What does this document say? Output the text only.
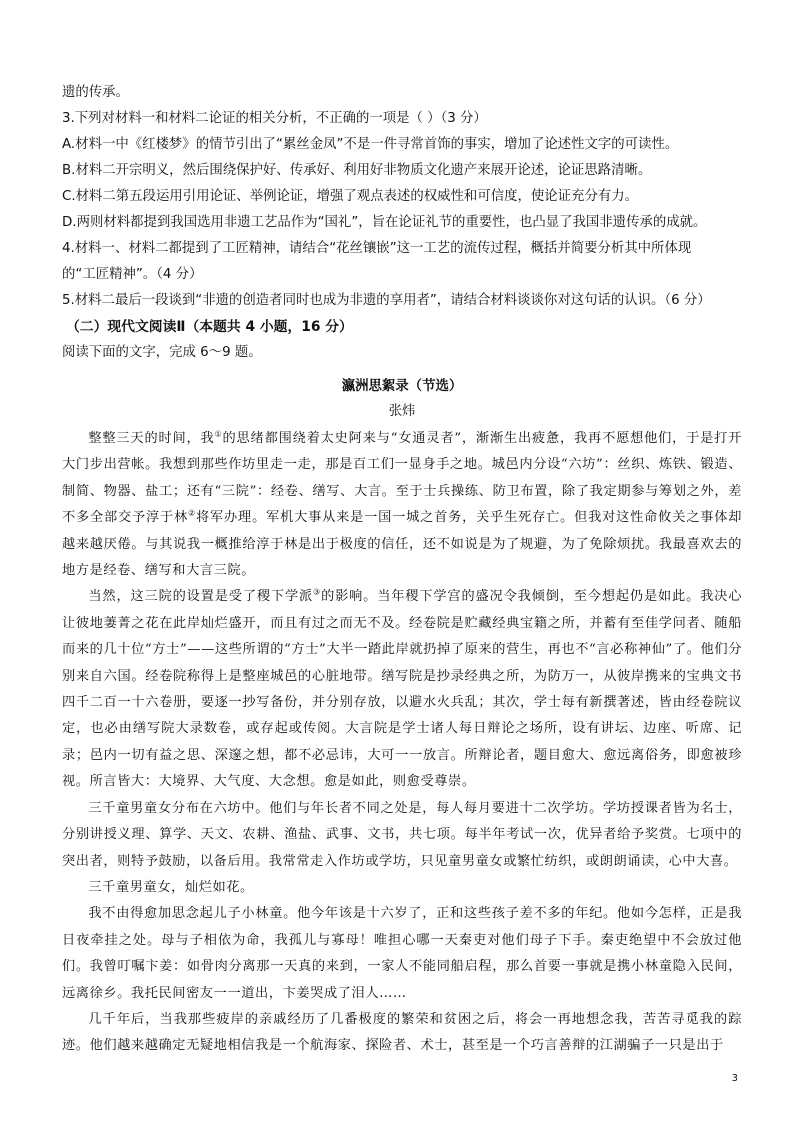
遗的传承。
3.下列对材料一和材料二论证的相关分析，不正确的一项是（ ）（3 分）
A.材料一中《红楼梦》的情节引出了“累丝金凤”不是一件寻常首饰的事实，增加了论述性文字的可读性。
B.材料二开宗明义，然后围绕保护好、传承好、利用好非物质文化遗产来展开论述，论证思路清晰。
C.材料二第五段运用引用论证、举例论证，增强了观点表述的权威性和可信度，使论证充分有力。
D.两则材料都提到我国选用非遗工艺品作为“国礼”，旨在论证礼节的重要性，也凸显了我国非遗传承的成就。
4.材料一、材料二都提到了工匠精神，请结合“花丝镶嵌”这一工艺的流传过程，概括并简要分析其中所体现
的“工匠精神”。（4 分）
5.材料二最后一段谈到“非遗的创造者同时也成为非遗的享用者”，请结合材料谈谈你对这句话的认识。（6 分）
（二）现代文阅读Ⅱ（本题共 4 小题，16 分）
阅读下面的文字，完成 6～9 题。
瀛洲思絮录（节选）
张炜

整整三天的时间，我①的思绪都围绕着太史阿来与“女通灵者”，渐渐生出疲惫，我再不愿想他们，于是打开大门步出营帐。我想到那些作坊里走一走，那是百工们一显身手之地。城邑内分设“六坊”：丝织、炼铁、锻造、制简、物器、盐工；还有“三院”：经卷、缮写、大言。至于士兵操练、防卫布置，除了我定期参与筹划之外，差不多全部交予淳于林②将军办理。军机大事从来是一国一城之首务，关乎生死存亡。但我对这性命攸关之事体却越来越厌倦。与其说我一概推给淳于林是出于极度的信任，还不如说是为了规避，为了免除烦扰。我最喜欢去的地方是经卷、缮写和大言三院。

当然，这三院的设置是受了稷下学派③的影响。当年稷下学宫的盛况令我倾倒，至今想起仍是如此。我决心让彼地萋菁之花在此岸灿烂盛开，而且有过之而无不及。经卷院是贮藏经典宝籍之所，并蓄有至佳学问者、随船而来的几十位“方士”——这些所谓的“方士”大半一踏此岸就扔掉了原来的营生，再也不“言必称神仙”了。他们分别来自六国。经卷院称得上是整座城邑的心脏地带。缮写院是抄录经典之所，为防万一，从彼岸携来的宝典文书四千二百一十六卷册，要逐一抄写备份，并分别存放，以避水火兵乱；其次，学士每有新撰著述，皆由经卷院议定，也必由缮写院大录数卷，或存起或传阅。大言院是学士诸人每日辩论之场所，设有讲坛、边座、听席、记录；邑内一切有益之思、深邃之想，都不必忌讳，大可一一放言。所辩论者，题目愈大、愈远离俗务，即愈被珍视。所言皆大：大境界、大气度、大念想。愈是如此，则愈受尊崇。

三千童男童女分布在六坊中。他们与年长者不同之处是，每人每月要进十二次学坊。学坊授课者皆为名士，分别讲授义理、算学、天文、农耕、渔盐、武事、文书，共七项。每半年考试一次，优异者给予奖赏。七项中的突出者，则特予鼓励，以备后用。我常常走入作坊或学坊，只见童男童女或繁忙纺织，或朗朗诵读，心中大喜。

三千童男童女，灿烂如花。

我不由得愈加思念起儿子小林童。他今年该是十六岁了，正和这些孩子差不多的年纪。他如今怎样，正是我日夜牵挂之处。母与子相依为命，我孤儿与寡母！唯担心哪一天秦吏对他们母子下手。秦吏绝望中不会放过他们。我曾叮嘱卞姜：如骨肉分离那一天真的来到，一家人不能同船启程，那么首要一事就是携小林童隐入民间，远离徐乡。我托民间密友一一道出，卞姜哭成了泪人……

几千年后，当我那些疲岸的亲戚经历了几番极度的繁荣和贫困之后，将会一再地想念我，苦苦寻觅我的踪迹。他们越来越确定无疑地相信我是一个航海家、探险者、术士，甚至是一个巧言善辩的江湖骗子一只是出于

3
